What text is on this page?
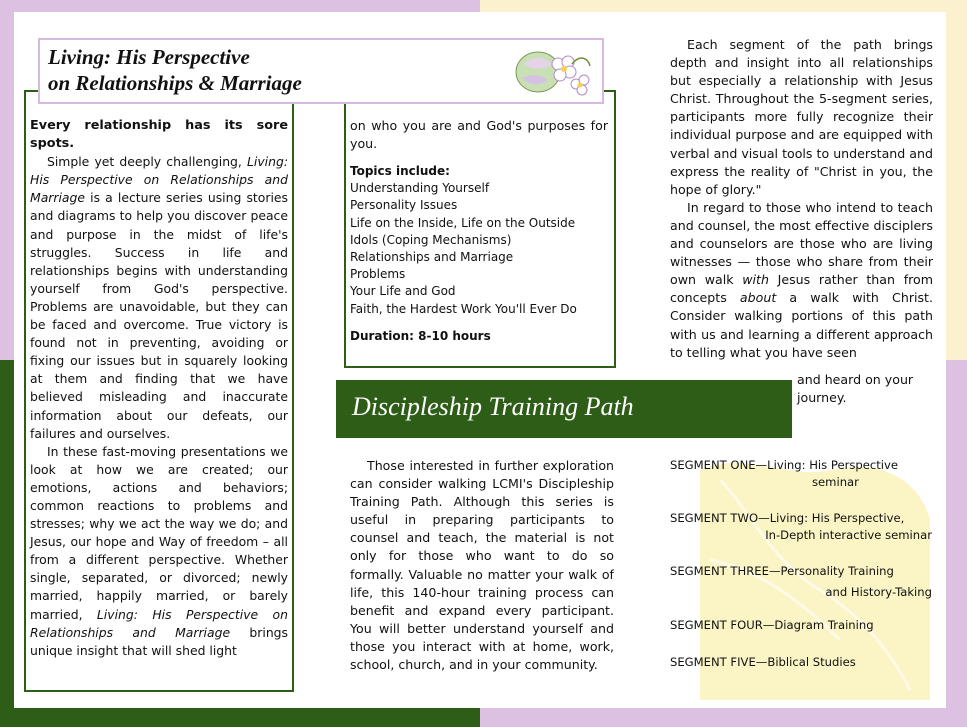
Living: His Perspective
on Relationships & Marriage

Every relationship has its sore spots.

Simple yet deeply challenging, Living: His Perspective on Relationships and Marriage is a lecture series using stories and diagrams to help you discover peace and purpose in the midst of life's struggles. Success in life and relationships begins with understanding yourself from God's perspective. Problems are unavoidable, but they can be faced and overcome. True victory is found not in preventing, avoiding or fixing our issues but in squarely looking at them and finding that we have believed misleading and inaccurate information about our defeats, our failures and ourselves.

In these fast-moving presentations we look at how we are created; our emotions, actions and behaviors; common reactions to problems and stresses; why we act the way we do; and Jesus, our hope and Way of freedom – all from a different perspective. Whether single, separated, or divorced; newly married, happily married, or barely married, Living: His Perspective on Relationships and Marriage brings unique insight that will shed light

on who you are and God's purposes for you.

Topics include:

Understanding Yourself
Personality Issues
Life on the Inside, Life on the Outside
Idols (Coping Mechanisms)
Relationships and Marriage
Problems
Your Life and God
Faith, the Hardest Work You'll Ever Do

Duration: 8-10 hours

Discipleship Training Path

Those interested in further exploration can consider walking LCMI's Discipleship Training Path. Although this series is useful in preparing participants to counsel and teach, the material is not only for those who want to do so formally. Valuable no matter your walk of life, this 140-hour training process can benefit and expand every participant. You will better understand yourself and those you interact with at home, work, school, church, and in your community.

Each segment of the path brings depth and insight into all relationships but especially a relationship with Jesus Christ. Throughout the 5-segment series, participants more fully recognize their individual purpose and are equipped with verbal and visual tools to understand and express the reality of "Christ in you, the hope of glory."

In regard to those who intend to teach and counsel, the most effective disciplers and counselors are those who are living witnesses — those who share from their own walk with Jesus rather than from concepts about a walk with Christ. Consider walking portions of this path with us and learning a different approach to telling what you have seen

and heard on your
journey.
SEGMENT ONE—Living: His Perspective
seminar
SEGMENT TWO—Living: His Perspective,
In-Depth interactive seminar
SEGMENT THREE—Personality Training
and History-Taking
SEGMENT FOUR—Diagram Training
SEGMENT FIVE—Biblical Studies
